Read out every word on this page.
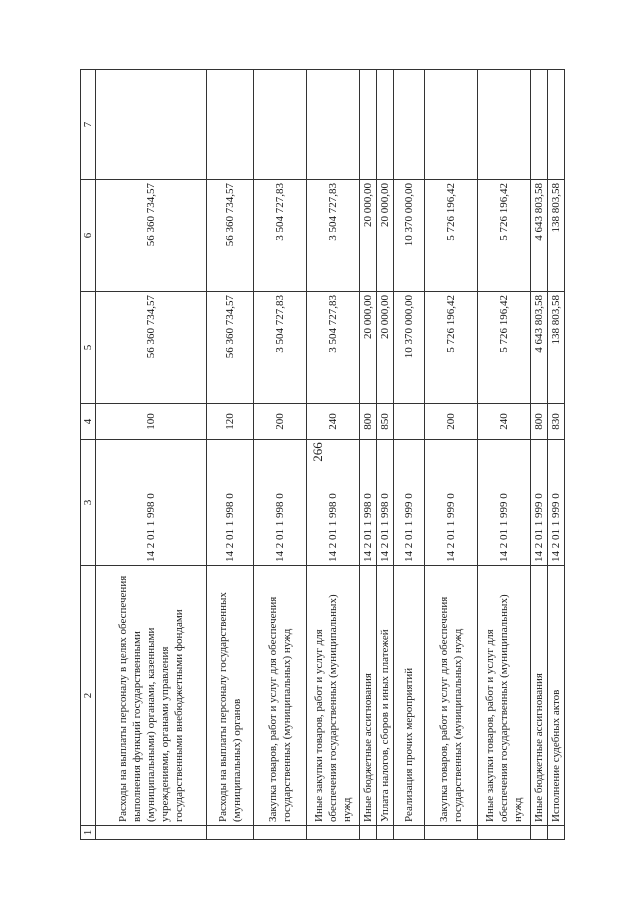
266
1	2	3	4	5	6	7
	Расходы на выплаты персоналу в целях обеспечения выполнения функций государственными (муниципальными) органами, казенными учреждениями, органами управления государственными внебюджетными фондами	14 2 01 1 998 0	100	56 360 734,57	56 360 734,57	
	Расходы на выплаты персоналу государственных (муниципальных) органов	14 2 01 1 998 0	120	56 360 734,57	56 360 734,57	
	Закупка товаров, работ и услуг для обеспечения государственных (муниципальных) нужд	14 2 01 1 998 0	200	3 504 727,83	3 504 727,83	
	Иные закупки товаров, работ и услуг для обеспечения государственных (муниципальных) нужд	14 2 01 1 998 0	240	3 504 727,83	3 504 727,83	
	Иные бюджетные ассигнования	14 2 01 1 998 0	800	20 000,00	20 000,00	
	Уплата налогов, сборов и иных платежей	14 2 01 1 998 0	850	20 000,00	20 000,00	
	Реализация прочих мероприятий	14 2 01 1 999 0		10 370 000,00	10 370 000,00	
	Закупка товаров, работ и услуг для обеспечения государственных (муниципальных) нужд	14 2 01 1 999 0	200	5 726 196,42	5 726 196,42	
	Иные закупки товаров, работ и услуг для обеспечения государственных (муниципальных) нужд	14 2 01 1 999 0	240	5 726 196,42	5 726 196,42	
	Иные бюджетные ассигнования	14 2 01 1 999 0	800	4 643 803,58	4 643 803,58	
	Исполнение судебных актов	14 2 01 1 999 0	830	138 803,58	138 803,58	
